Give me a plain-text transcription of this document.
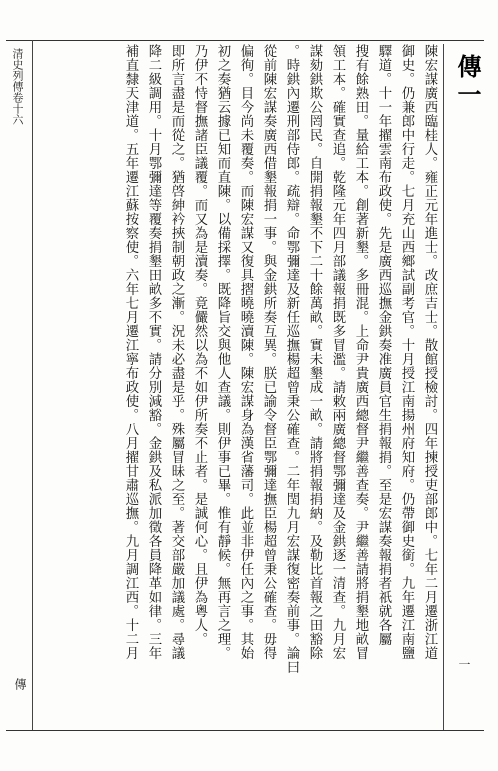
清史列傳卷十六
傳
陳宏謀廣西臨桂人。雍正元年進士。改庶吉士。散館授檢討。四年揀授吏部郎中。七年二月遷浙江道
御史。仍兼郎中行走。七月充山西鄉試副考官。十月授江南揚州府知府。仍帶御史銜。九年遷江南鹽
驛道。十一年擢雲南布政使。先是廣西巡撫金鉷奏准廣員官生捐報捐。至是宏謀奏報捐者祇就各屬
搜有餘熟田。量給工本。創著新墾。多冊混。上命尹貴廣西總督尹繼善查奏。尹繼善請將捐墾地畝冒
領工本。確實查追。乾隆元年四月部議報捐既多冒濫。請敕兩廣總督鄂彌達及金鉷逐一清查。九月宏
謀劾鉷欺公罔民。自開捐報墾不下二十餘萬畝。實未墾成一畝。請將捐報捐納。及勒比首報之田豁除
。時鉷內遷刑部侍郎。疏辯。命鄂彌達及新任巡撫楊超曾秉公確查。二年閏九月宏謀復密奏前事。論曰
從前陳宏謀奏廣西借墾報捐一事。與金鉷所奏互異。朕已諭令督臣鄂彌達撫臣楊超曾秉公確查。毋得
偏徇。目今尚未覆奏。而陳宏謀又復具摺曉曉瀆陳。陳宏謀身為漢省藩司。此並非伊任內之事。其始
初之奏猶云據已知而直陳。以備採擇。既降旨交與他人查議。則伊事已畢。惟有靜候。無再言之理。
乃伊不恃督撫諸臣議覆。而又為是瀆奏。竟儼然以為不如伊所奏不止者。是誠何心。且伊為粵人。
即所言盡是而從之。猶啓紳衿挾制朝政之漸。況未必盡是乎。殊屬冒昧之至。著交部嚴加議處。尋議
降二級調用。十月鄂彌達等覆奏捐墾田畝多不實。請分別減豁。金鉷及私派加徵各員降革如律。三年
補直隸天津道。五年遷江蘇按察使。六年七月遷江寧布政使。八月擢甘肅巡撫。九月調江西。十二月	傳一
一
